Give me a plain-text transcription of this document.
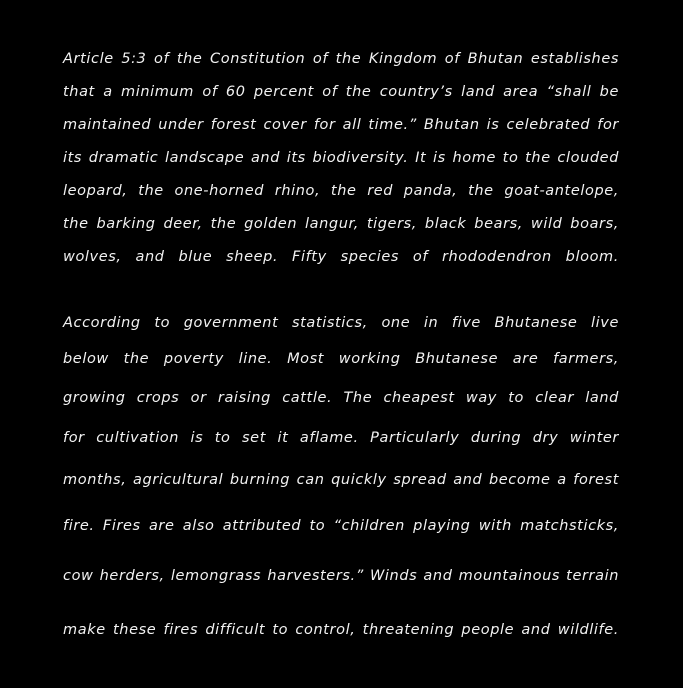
Article 5:3 of the Constitution of the Kingdom of Bhutan establishes
that a minimum of 60 percent of the country’s land area “shall be
maintained under forest cover for all time.” Bhutan is celebrated for
its dramatic landscape and its biodiversity. It is home to the clouded
leopard, the one-horned rhino, the red panda, the goat-antelope,
the barking deer, the golden langur, tigers, black bears, wild boars,
wolves, and blue sheep. Fifty species of rhododendron bloom.
According to government statistics, one in five Bhutanese live
below the poverty line. Most working Bhutanese are farmers,
growing crops or raising cattle. The cheapest way to clear land
for cultivation is to set it aflame. Particularly during dry winter
months, agricultural burning can quickly spread and become a forest
fire. Fires are also attributed to “children playing with matchsticks,
cow herders, lemongrass harvesters.” Winds and mountainous terrain
make these fires difficult to control, threatening people and wildlife.
